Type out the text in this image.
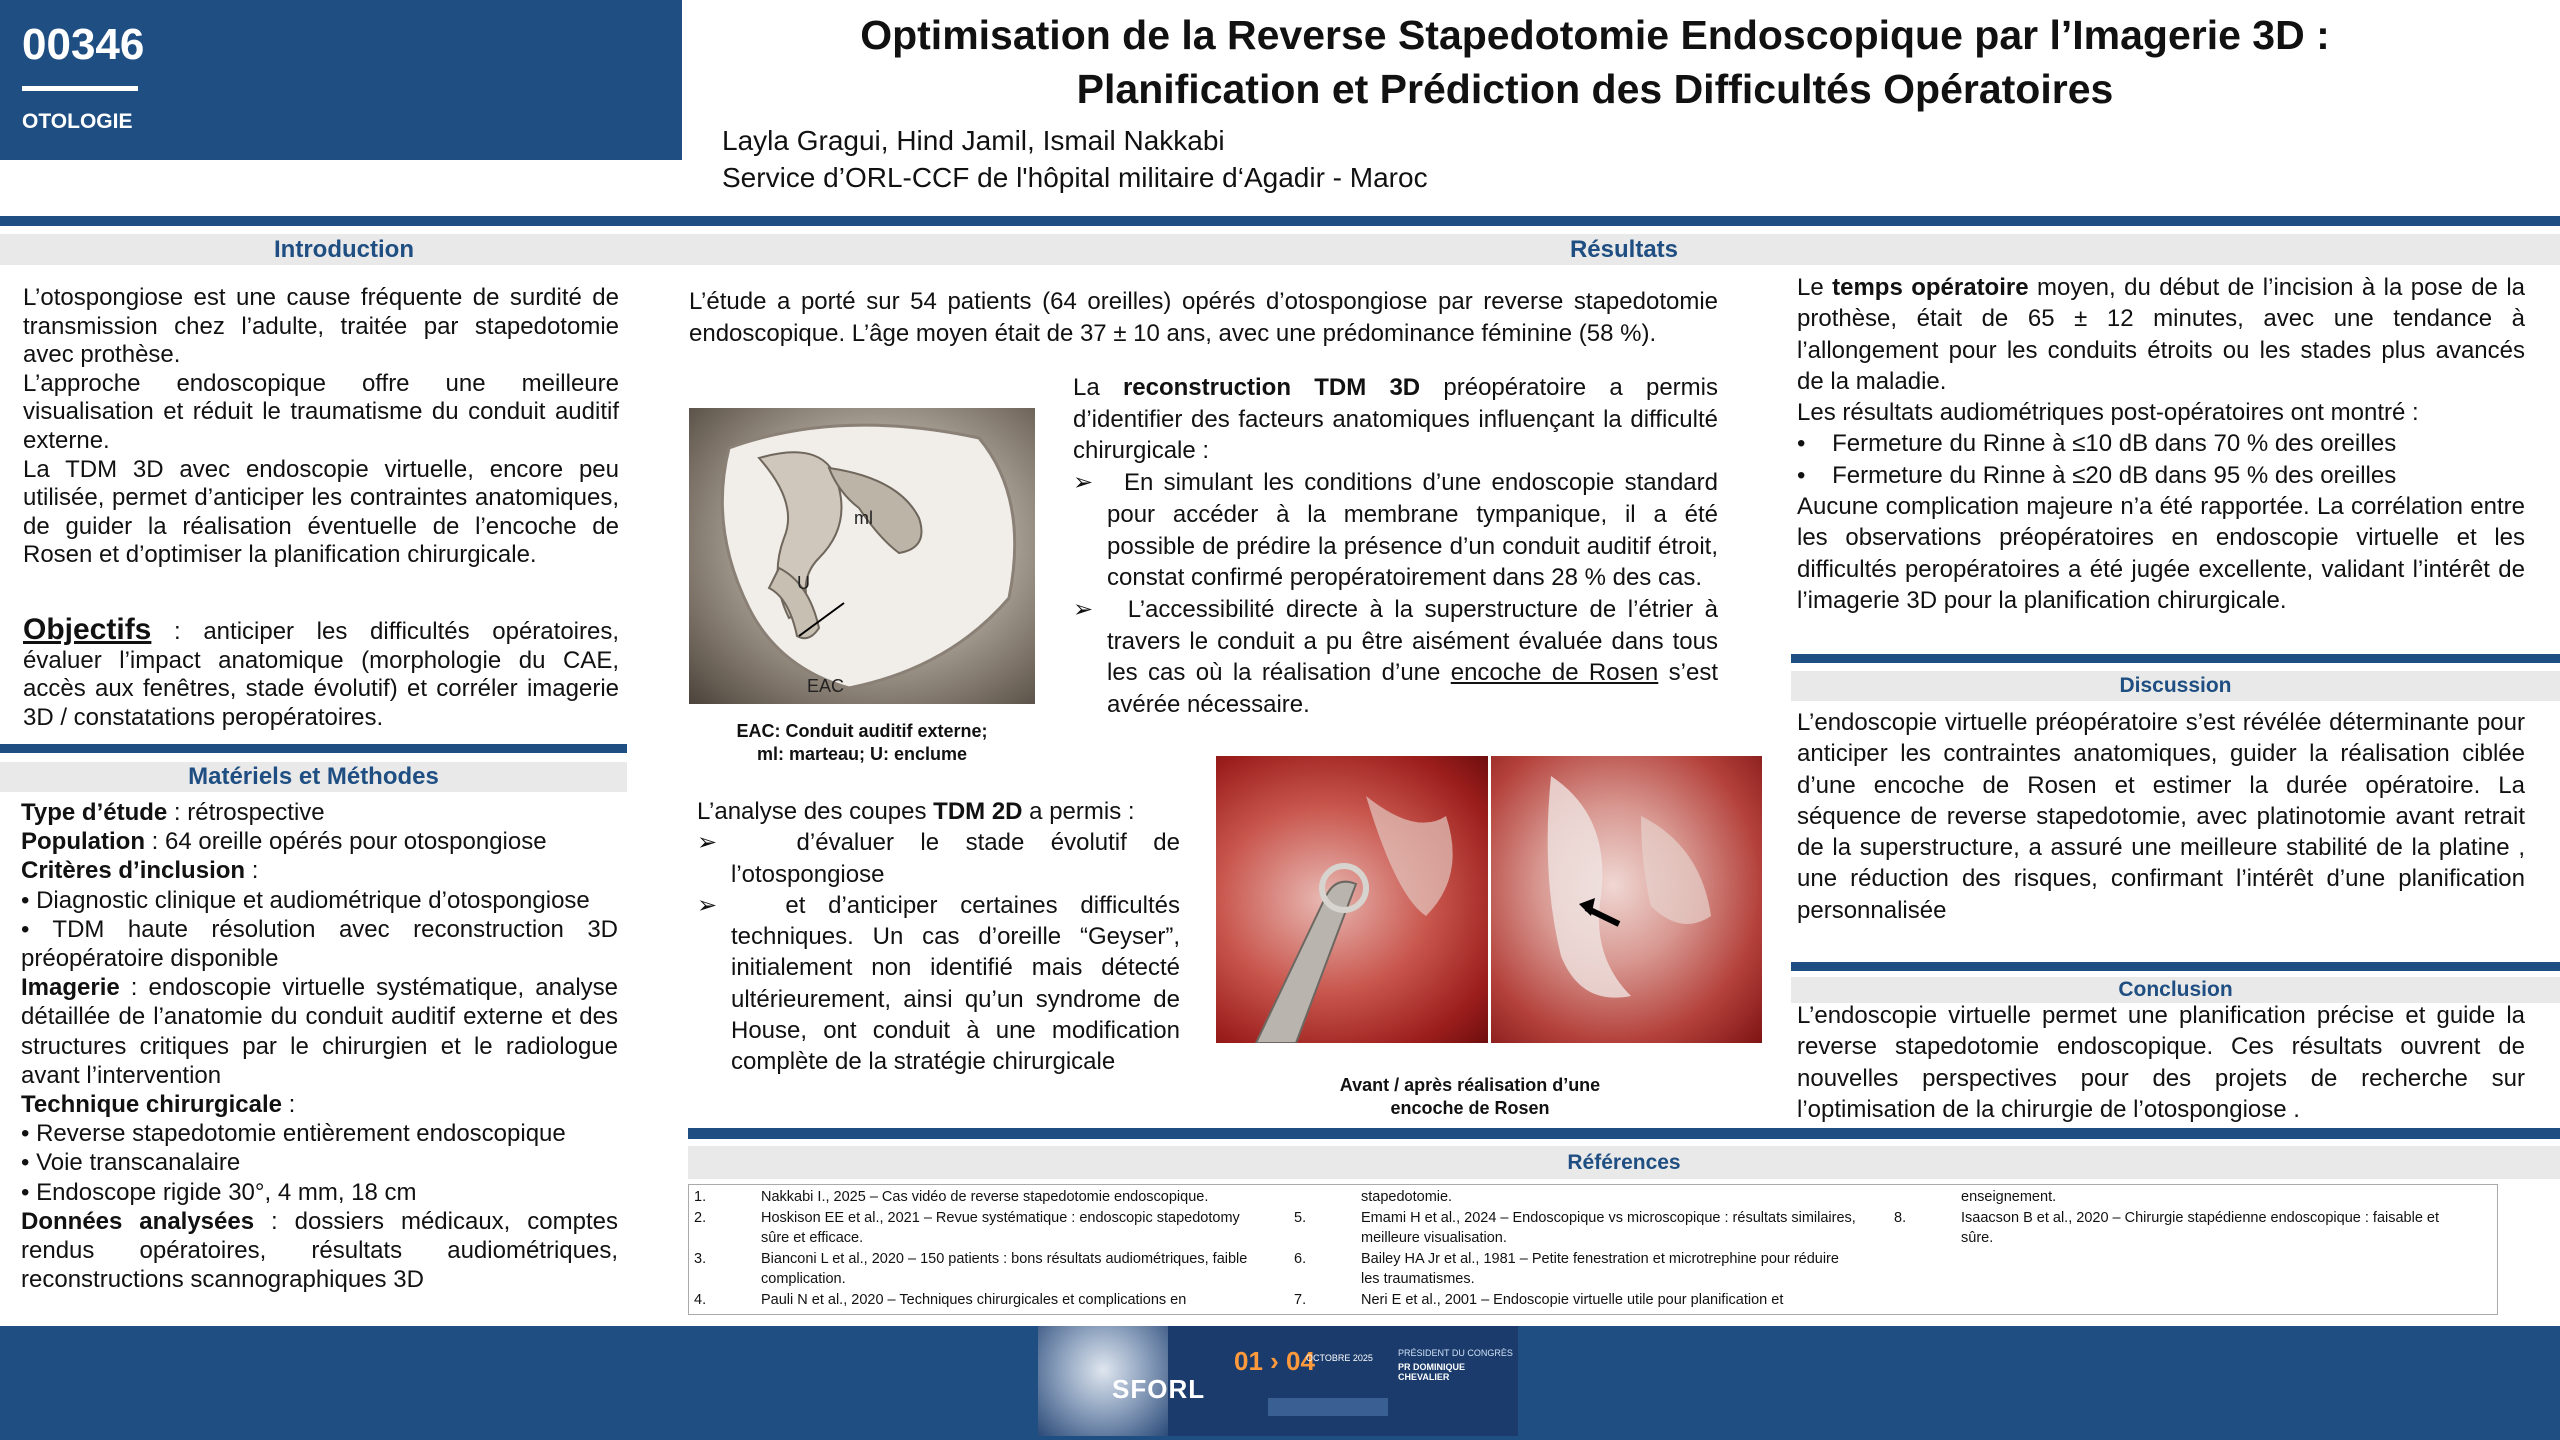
00346
OTOLOGIE
Optimisation de la Reverse Stapedotomie Endoscopique par l’Imagerie 3D :
Planification et Prédiction des Difficultés Opératoires
Layla Gragui, Hind Jamil, Ismail Nakkabi
Service d’ORL-CCF de l'hôpital militaire d‘Agadir - Maroc
Introduction

L’otospongiose est une cause fréquente de surdité de transmission chez l’adulte, traitée par stapedotomie avec prothèse.

L’approche endoscopique offre une meilleure visualisation et réduit le traumatisme du conduit auditif externe.

La TDM 3D avec endoscopie virtuelle, encore peu utilisée, permet d’anticiper les contraintes anatomiques, de guider la réalisation éventuelle de l’encoche de Rosen et d’optimiser la planification chirurgicale.

Objectifs : anticiper les difficultés opératoires, évaluer l’impact anatomique (morphologie du CAE, accès aux fenêtres, stade évolutif) et corréler imagerie 3D / constatations peropératoires.
Matériels et Méthodes

Type d’étude : rétrospective

Population : 64 oreille opérés pour otospongiose

Critères d’inclusion :

• Diagnostic clinique et audiométrique d’otospongiose

• TDM haute résolution avec reconstruction 3D préopératoire disponible

Imagerie : endoscopie virtuelle systématique, analyse détaillée de l’anatomie du conduit auditif externe et des structures critiques par le chirurgien et le radiologue avant l’intervention

Technique chirurgicale :

• Reverse stapedotomie entièrement endoscopique

• Voie transcanalaire

• Endoscope rigide 30°, 4 mm, 18 cm

Données analysées : dossiers médicaux, comptes rendus opératoires, résultats audiométriques, reconstructions scannographiques 3D

Résultats
L’étude a porté sur 54 patients (64 oreilles) opérés d’otospongiose par reverse stapedotomie endoscopique. L’âge moyen était de 37 ± 10 ans, avec une prédominance féminine (58 %).
ml
U
EAC
EAC: Conduit auditif externe;
ml: marteau; U: enclume

La reconstruction TDM 3D préopératoire a permis d’identifier des facteurs anatomiques influençant la difficulté chirurgicale :

➢   En simulant les conditions d’une endoscopie standard pour accéder à la membrane tympanique, il a été possible de prédire la présence d’un conduit auditif étroit, constat confirmé peropératoirement dans 28 % des cas.
➢   L’accessibilité directe à la superstructure de l’étrier à travers le conduit a pu être aisément évaluée dans tous les cas où la réalisation d’une encoche de Rosen s’est avérée nécessaire.

L’analyse des coupes TDM 2D a permis :

➢   d’évaluer le stade évolutif de l’otospongiose
➢   et d’anticiper certaines difficultés techniques. Un cas d’oreille “Geyser”, initialement non identifié mais détecté ultérieurement, ainsi qu’un syndrome de House, ont conduit à une modification complète de la stratégie chirurgicale
Avant / après réalisation d’une
encoche de Rosen

Le temps opératoire moyen, du début de l’incision à la pose de la prothèse, était de 65 ± 12 minutes, avec une tendance à l’allongement pour les conduits étroits ou les stades plus avancés de la maladie.

Les résultats audiométriques post-opératoires ont montré :

•    Fermeture du Rinne à ≤10 dB dans 70 % des oreilles
•    Fermeture du Rinne à ≤20 dB dans 95 % des oreilles

Aucune complication majeure n’a été rapportée. La corrélation entre les observations préopératoires en endoscopie virtuelle et les difficultés peropératoires a été jugée excellente, validant l’intérêt de l’imagerie 3D pour la planification chirurgicale.

Discussion
L’endoscopie virtuelle préopératoire s’est révélée déterminante pour anticiper les contraintes anatomiques, guider la réalisation ciblée d’une encoche de Rosen et estimer la durée opératoire. La séquence de reverse stapedotomie, avec platinotomie avant retrait de la superstructure, a assuré une meilleure stabilité de la platine , une réduction des risques, confirmant l’intérêt d’une planification personnalisée
Conclusion
L’endoscopie virtuelle permet une planification précise et guide la reverse stapedotomie endoscopique. Ces résultats ouvrent de nouvelles perspectives pour des projets de recherche sur l’optimisation de la chirurgie de l’otospongiose .
Références
1.	Nakkabi I., 2025 – Cas vidéo de reverse stapedotomie endoscopique.
2.	Hoskison EE et al., 2021 – Revue systématique : endoscopic stapedotomy sûre et efficace.
3.	Bianconi L et al., 2020 – 150 patients : bons résultats audiométriques, faible complication.
4.	Pauli N et al., 2020 – Techniques chirurgicales et complications en
stapedotomie.
5.	Emami H et al., 2024 – Endoscopique vs microscopique : résultats similaires, meilleure visualisation.
6.	Bailey HA Jr et al., 1981 – Petite fenestration et microtrephine pour réduire les traumatismes.
7.	Neri E et al., 2001 – Endoscopie virtuelle utile pour planification et
enseignement.
8.	Isaacson B et al., 2020 – Chirurgie stapédienne endoscopique : faisable et sûre.
SFORL
01 › 04
OCTOBRE 2025	PRÉSIDENT DU CONGRÈS
PR DOMINIQUE CHEVALIER
